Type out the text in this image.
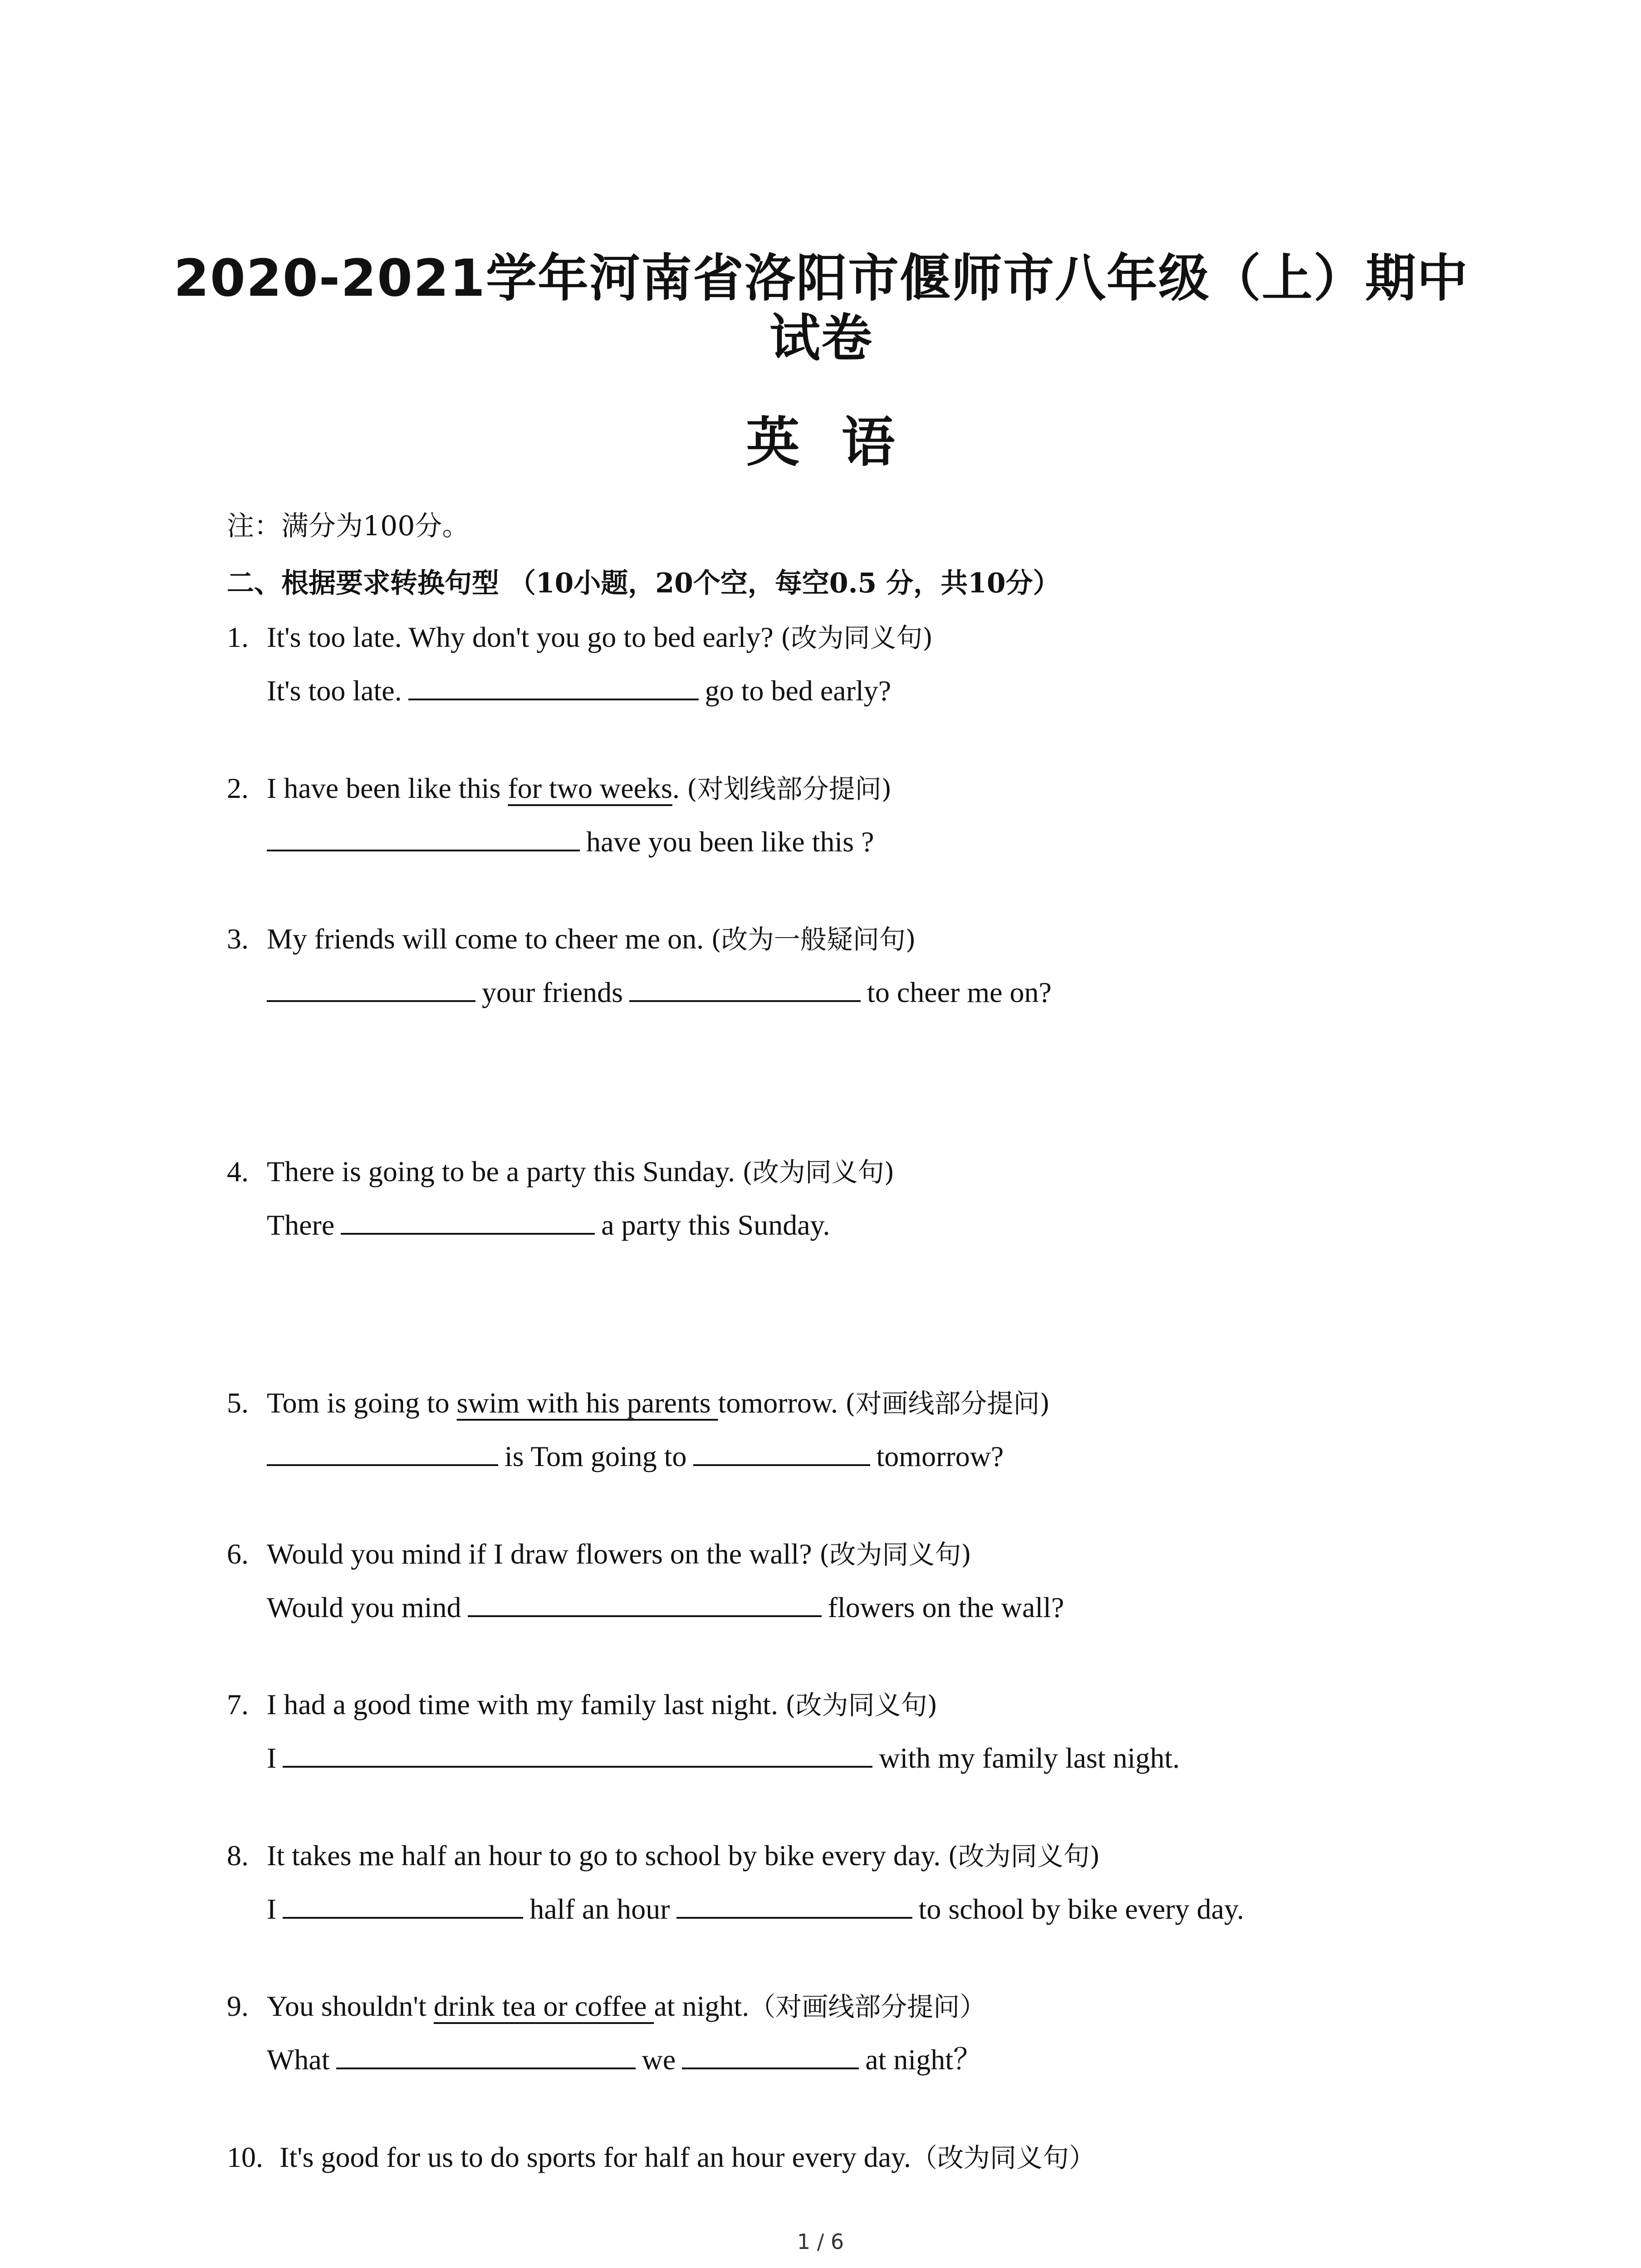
2020-2021学年河南省洛阳市偃师市八年级（上）期中试卷
英语
注：满分为100分。
二、根据要求转换句型 （10小题，20个空，每空0.5 分，共10分）
1. It's too late. Why don't you go to bed early? (改为同义句)
It's too late.	go to bed early?
2. I have been like this for two weeks. (对划线部分提问)
have you been like this ?
3. My friends will come to cheer me on. (改为一般疑问句)
your friends	to cheer me on?
4. There is going to be a party this Sunday. (改为同义句)
There	a party this Sunday.
5. Tom is going to swim with his parents tomorrow. (对画线部分提问)
is Tom going to	tomorrow?
6. Would you mind if I draw flowers on the wall? (改为同义句)
Would you mind	flowers on the wall?
7. I had a good time with my family last night. (改为同义句)
I	with my family last night.
8. It takes me half an hour to go to school by bike every day. (改为同义句)
I	half an hour	to school by bike every day.
9. You shouldn't drink tea or coffee at night.（对画线部分提问）
What	we	at night？
10. It's good for us to do sports for half an hour every day.（改为同义句）
1 / 6
